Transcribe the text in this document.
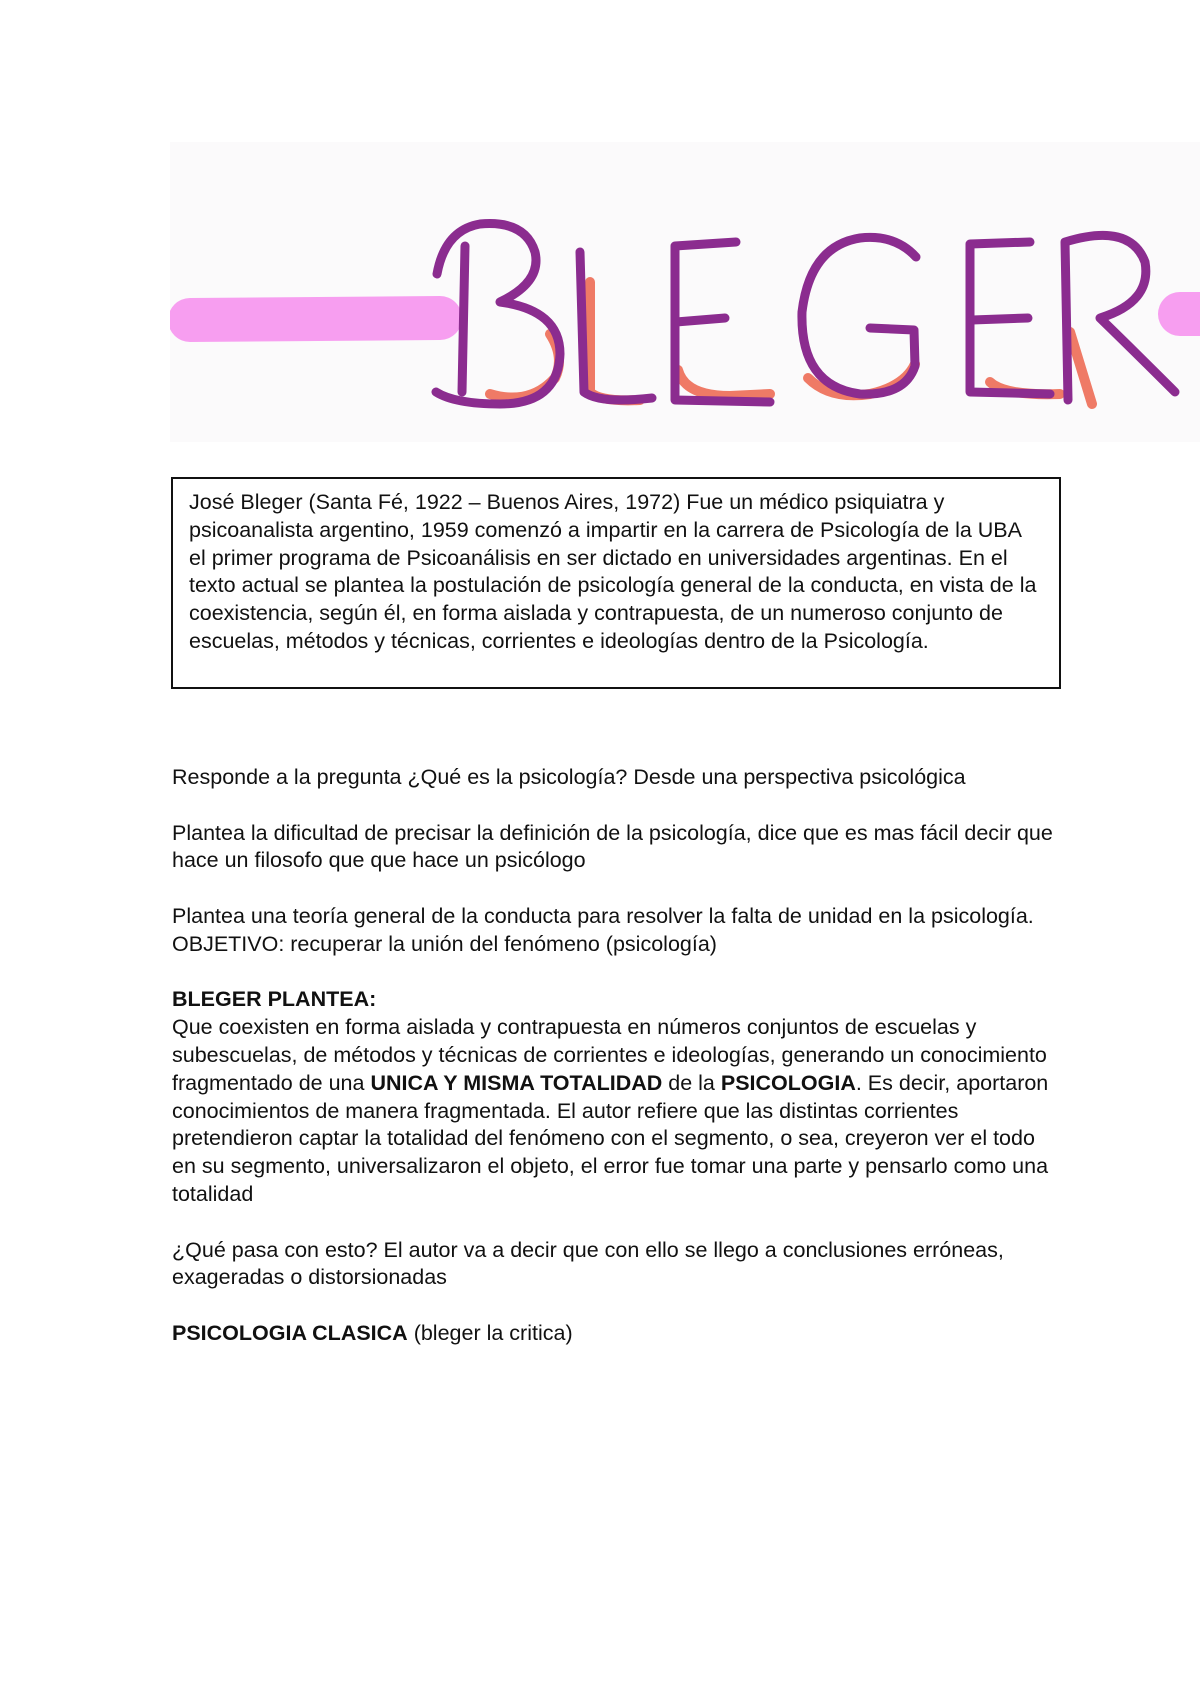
José Bleger (Santa Fé, 1922 – Buenos Aires, 1972) Fue un médico psiquiatra y psicoanalista argentino, 1959 comenzó a impartir en la carrera de Psicología de la UBA el primer programa de Psicoanálisis en ser dictado en universidades argentinas. En el texto actual se plantea la postulación de psicología general de la conducta, en vista de la coexistencia, según él, en forma aislada y contrapuesta, de un numeroso conjunto de escuelas, métodos y técnicas, corrientes e ideologías dentro de la Psicología.

Responde a la pregunta ¿Qué es la psicología? Desde una perspectiva psicológica

Plantea la dificultad de precisar la definición de la psicología, dice que es mas fácil decir que hace un filosofo que que hace un psicólogo

Plantea una teoría general de la conducta para resolver la falta de unidad en la psicología. OBJETIVO: recuperar la unión del fenómeno (psicología)

BLEGER PLANTEA:
Que coexisten en forma aislada y contrapuesta en números conjuntos de escuelas y subescuelas, de métodos y técnicas de corrientes e ideologías, generando un conocimiento fragmentado de una UNICA Y MISMA TOTALIDAD de la PSICOLOGIA. Es decir, aportaron conocimientos de manera fragmentada. El autor refiere que las distintas corrientes pretendieron captar la totalidad del fenómeno con el segmento, o sea, creyeron ver el todo en su segmento, universalizaron el objeto, el error fue tomar una parte y pensarlo como una totalidad

¿Qué pasa con esto? El autor va a decir que con ello se llego a conclusiones erróneas, exageradas o distorsionadas

PSICOLOGIA CLASICA (bleger la critica)
